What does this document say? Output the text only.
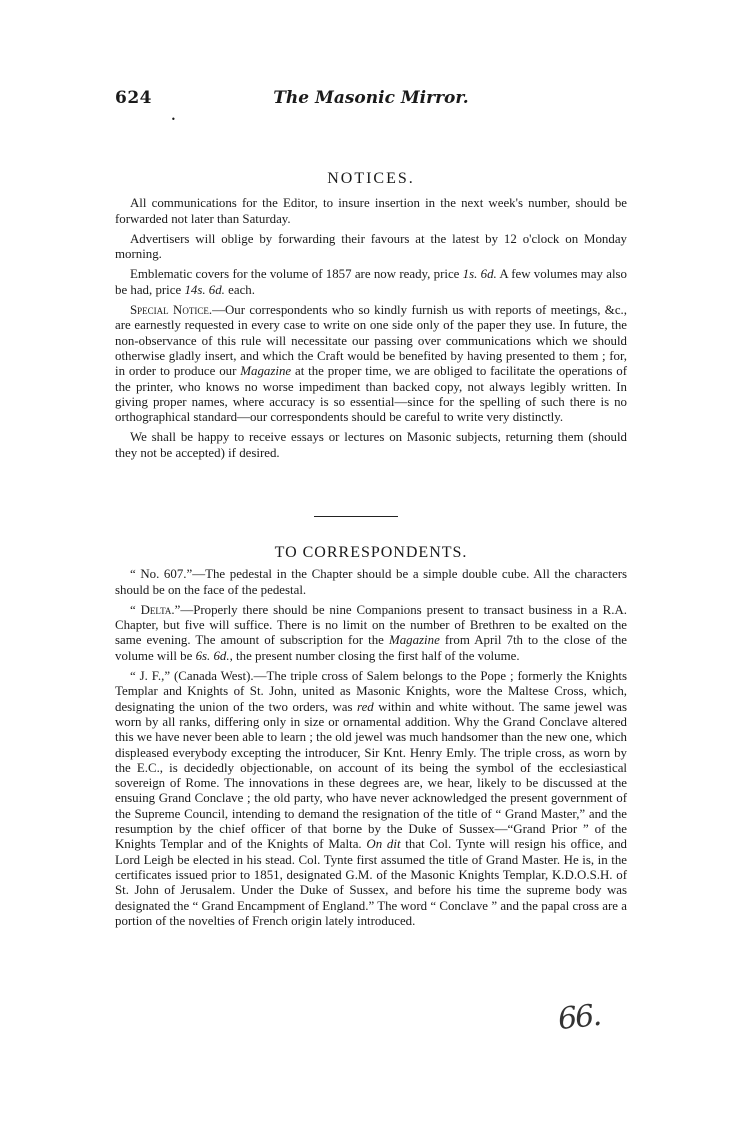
624	The Masonic Mirror.
•
NOTICES.

All communications for the Editor, to insure insertion in the next week's number, should be forwarded not later than Saturday.

Advertisers will oblige by forwarding their favours at the latest by 12 o'clock on Monday morning.

Emblematic covers for the volume of 1857 are now ready, price 1s. 6d. A few volumes may also be had, price 14s. 6d. each.

Special Notice.—Our correspondents who so kindly furnish us with reports of meetings, &c., are earnestly requested in every case to write on one side only of the paper they use. In future, the non-observance of this rule will necessitate our passing over communications which we should otherwise gladly insert, and which the Craft would be benefited by having presented to them ; for, in order to produce our Magazine at the proper time, we are obliged to facilitate the operations of the printer, who knows no worse impediment than backed copy, not always legibly written. In giving proper names, where accuracy is so essential—since for the spelling of such there is no orthographical standard—our correspondents should be careful to write very distinctly.

We shall be happy to receive essays or lectures on Masonic subjects, returning them (should they not be accepted) if desired.

TO CORRESPONDENTS.

“ No. 607.”—The pedestal in the Chapter should be a simple double cube. All the characters should be on the face of the pedestal.

“ Delta.”—Properly there should be nine Companions present to transact business in a R.A. Chapter, but five will suffice. There is no limit on the number of Brethren to be exalted on the same evening. The amount of subscription for the Magazine from April 7th to the close of the volume will be 6s. 6d., the present number closing the first half of the volume.

“ J. F.,” (Canada West).—The triple cross of Salem belongs to the Pope ; formerly the Knights Templar and Knights of St. John, united as Masonic Knights, wore the Maltese Cross, which, designating the union of the two orders, was red within and white without. The same jewel was worn by all ranks, differing only in size or ornamental addition. Why the Grand Conclave altered this we have never been able to learn ; the old jewel was much handsomer than the new one, which displeased everybody excepting the introducer, Sir Knt. Henry Emly. The triple cross, as worn by the E.C., is decidedly objectionable, on account of its being the symbol of the ecclesiastical sovereign of Rome. The innovations in these degrees are, we hear, likely to be discussed at the ensuing Grand Conclave ; the old party, who have never acknowledged the present government of the Supreme Council, intending to demand the resignation of the title of “ Grand Master,” and the resumption by the chief officer of that borne by the Duke of Sussex—“Grand Prior ” of the Knights Templar and of the Knights of Malta. On dit that Col. Tynte will resign his office, and Lord Leigh be elected in his stead. Col. Tynte first assumed the title of Grand Master. He is, in the certificates issued prior to 1851, designated G.M. of the Masonic Knights Templar, K.D.O.S.H. of St. John of Jerusalem. Under the Duke of Sussex, and before his time the supreme body was designated the “ Grand Encampment of England.” The word “ Conclave ” and the papal cross are a portion of the novelties of French origin lately introduced.

66.
